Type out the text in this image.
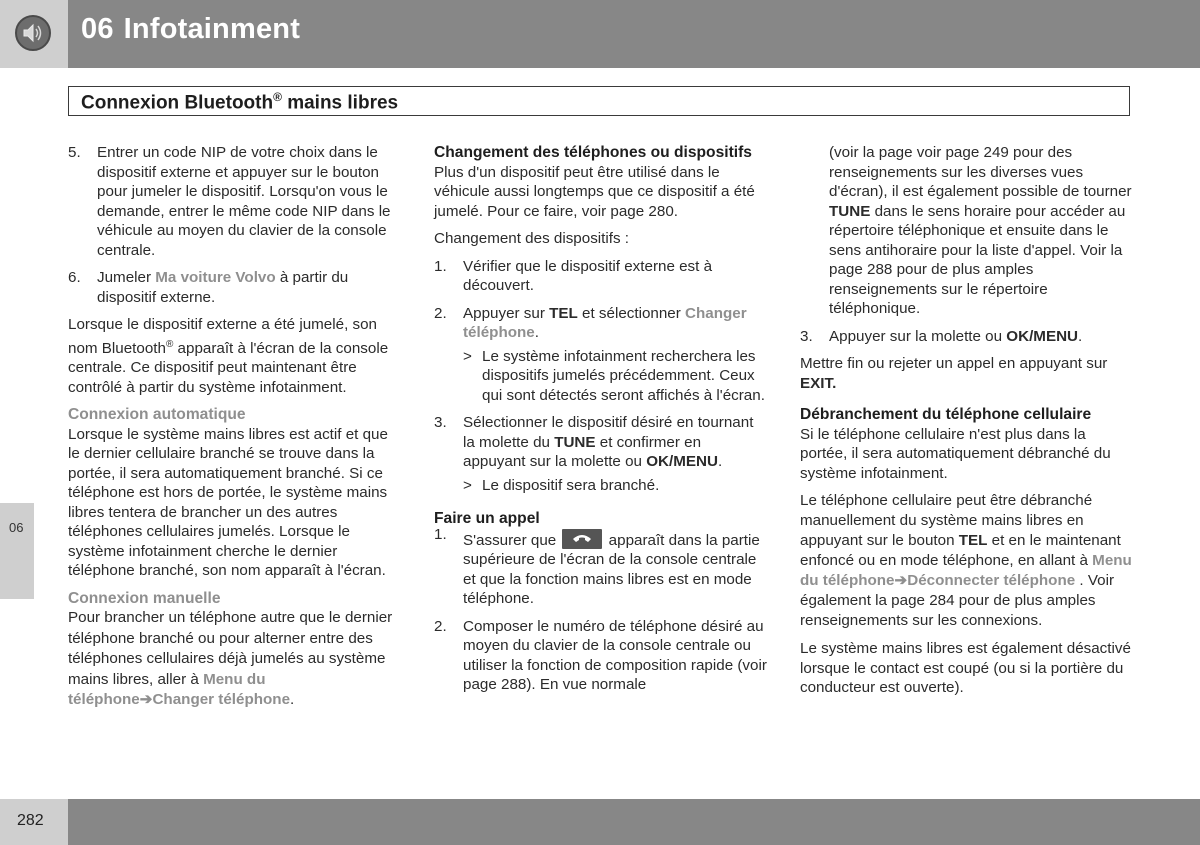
06 Infotainment
Connexion Bluetooth® mains libres
5. Entrer un code NIP de votre choix dans le dispositif externe et appuyer sur le bouton pour jumeler le dispositif. Lorsqu'on vous le demande, entrer le même code NIP dans le véhicule au moyen du clavier de la console centrale.
6. Jumeler Ma voiture Volvo à partir du dispositif externe.

Lorsque le dispositif externe a été jumelé, son nom Bluetooth® apparaît à l'écran de la console centrale. Ce dispositif peut maintenant être contrôlé à partir du système infotainment.

Connexion automatique

Lorsque le système mains libres est actif et que le dernier cellulaire branché se trouve dans la portée, il sera automatiquement branché. Si ce téléphone est hors de portée, le système mains libres tentera de brancher un des autres téléphones cellulaires jumelés. Lorsque le système infotainment cherche le dernier téléphone branché, son nom apparaît à l'écran.

Connexion manuelle

Pour brancher un téléphone autre que le dernier téléphone branché ou pour alterner entre des téléphones cellulaires déjà jumelés au système mains libres, aller à Menu du téléphone➔Changer téléphone.

Changement des téléphones ou dispositifs

Plus d'un dispositif peut être utilisé dans le véhicule aussi longtemps que ce dispositif a été jumelé. Pour ce faire, voir page 280.

Changement des dispositifs :

1. Vérifier que le dispositif externe est à découvert.
2. Appuyer sur TEL et sélectionner Changer téléphone.
> Le système infotainment recherchera les dispositifs jumelés précédemment. Ceux qui sont détectés seront affichés à l'écran.
3. Sélectionner le dispositif désiré en tournant la molette du TUNE et confirmer en appuyant sur la molette ou OK/MENU.
> Le dispositif sera branché.
Faire un appel
1. S'assurer que	apparaît dans la partie supérieure de l'écran de la console centrale et que la fonction mains libres est en mode téléphone.
2. Composer le numéro de téléphone désiré au moyen du clavier de la console centrale ou utiliser la fonction de composition rapide (voir page 288). En vue normale
(voir la page voir page 249 pour des renseignements sur les diverses vues d'écran), il est également possible de tourner TUNE dans le sens horaire pour accéder au répertoire téléphonique et ensuite dans le sens antihoraire pour la liste d'appel. Voir la page 288 pour de plus amples renseignements sur le répertoire téléphonique.
3. Appuyer sur la molette ou OK/MENU.

Mettre fin ou rejeter un appel en appuyant sur EXIT.

Débranchement du téléphone cellulaire

Si le téléphone cellulaire n'est plus dans la portée, il sera automatiquement débranché du système infotainment.

Le téléphone cellulaire peut être débranché manuellement du système mains libres en appuyant sur le bouton TEL et en le maintenant enfoncé ou en mode téléphone, en allant à Menu du téléphone➔Déconnecter téléphone . Voir également la page 284 pour de plus amples renseignements sur les connexions.

Le système mains libres est également désactivé lorsque le contact est coupé (ou si la portière du conducteur est ouverte).

06
282
